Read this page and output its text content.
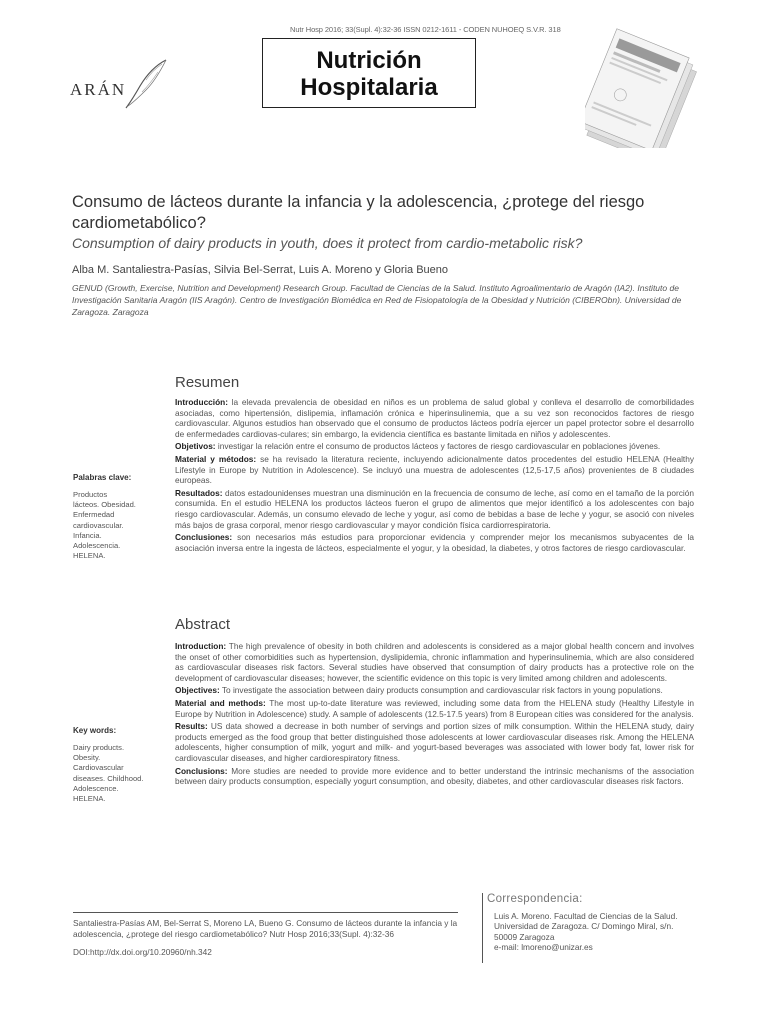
ARÁN
Nutr Hosp 2016; 33(Supl. 4):32-36 ISSN 0212-1611 - CODEN NUHOEQ S.V.R. 318
Nutrición
Hospitalaria
Consumo de lácteos durante la infancia y la adolescencia, ¿protege del riesgo cardiometabólico?
Consumption of dairy products in youth, does it protect from cardio-metabolic risk?
Alba M. Santaliestra-Pasías, Silvia Bel-Serrat, Luis A. Moreno y Gloria Bueno
GENUD (Growth, Exercise, Nutrition and Development) Research Group. Facultad de Ciencias de la Salud. Instituto Agroalimentario de Aragón (IA2). Instituto de Investigación Sanitaria Aragón (IIS Aragón). Centro de Investigación Biomédica en Red de Fisiopatología de la Obesidad y Nutrición (CIBERObn). Universidad de Zaragoza. Zaragoza
Resumen
Palabras clave:
Productos
lácteos. Obesidad.
Enfermedad
cardiovascular.
Infancia.
Adolescencia.
HELENA.
Introducción: la elevada prevalencia de obesidad en niños es un problema de salud global y conlleva el desarrollo de comorbilidades asociadas, como hipertensión, dislipemia, inflamación crónica e hiperinsulinemia, que a su vez son reconocidos factores de riesgo cardiovascular. Algunos estudios han observado que el consumo de productos lácteos podría ejercer un papel protector sobre el desarrollo de enfermedades cardiovas-culares; sin embargo, la evidencia científica es bastante limitada en niños y adolescentes.
Objetivos: investigar la relación entre el consumo de productos lácteos y factores de riesgo cardiovascular en poblaciones jóvenes.
Material y métodos: se ha revisado la literatura reciente, incluyendo adicionalmente datos procedentes del estudio HELENA (Healthy Lifestyle in Europe by Nutrition in Adolescence). Se incluyó una muestra de adolescentes (12,5-17,5 años) provenientes de 8 ciudades europeas.
Resultados: datos estadounidenses muestran una disminución en la frecuencia de consumo de leche, así como en el tamaño de la porción consumida. En el estudio HELENA los productos lácteos fueron el grupo de alimentos que mejor identificó a los adolescentes con bajo riesgo cardiovascular. Además, un consumo elevado de leche y yogur, así como de bebidas a base de leche y yogur, se asoció con niveles más bajos de grasa corporal, menor riesgo cardiovascular y mayor condición física cardiorrespiratoria.
Conclusiones: son necesarios más estudios para proporcionar evidencia y comprender mejor los mecanismos subyacentes de la asociación inversa entre la ingesta de lácteos, especialmente el yogur, y la obesidad, la diabetes, y otros factores de riesgo cardiovascular.
Abstract
Key words:
Dairy products.
Obesity.
Cardiovascular
diseases. Childhood.
Adolescence.
HELENA.
Introduction: The high prevalence of obesity in both children and adolescents is considered as a major global health concern and involves the onset of other comorbidities such as hypertension, dyslipidemia, chronic inflammation and hyperinsulinemia, which are also considered as cardiovascular diseases risk factors. Several studies have observed that consumption of dairy products has a protective role on the development of cardiovascular diseases; however, the scientific evidence on this topic is very limited among children and adolescents.
Objectives: To investigate the association between dairy products consumption and cardiovascular risk factors in young populations.
Material and methods: The most up-to-date literature was reviewed, including some data from the HELENA study (Healthy Lifestyle in Europe by Nutrition in Adolescence) study. A sample of adolescents (12.5-17.5 years) from 8 European cities was considered for the analysis.
Results: US data showed a decrease in both number of servings and portion sizes of milk consumption. Within the HELENA study, dairy products emerged as the food group that better distinguished those adolescents at lower cardiovascular diseases risk. Among the HELENA adolescents, higher consumption of milk, yogurt and milk- and yogurt-based beverages was associated with lower body fat, lower risk for cardiovascular diseases, and higher cardiorespiratory fitness.
Conclusions: More studies are needed to provide more evidence and to better understand the intrinsic mechanisms of the association between dairy products consumption, especially yogurt consumption, and obesity, diabetes, and other cardiovascular diseases risk factors.
Santaliestra-Pasías AM, Bel-Serrat S, Moreno LA, Bueno G. Consumo de lácteos durante la infancia y la adolescencia, ¿protege del riesgo cardiometabólico? Nutr Hosp 2016;33(Supl. 4):32-36
DOI:http://dx.doi.org/10.20960/nh.342
Correspondencia:
Luis A. Moreno. Facultad de Ciencias de la Salud.
Universidad de Zaragoza. C/ Domingo Miral, s/n.
50009 Zaragoza
e-mail: lmoreno@unizar.es
